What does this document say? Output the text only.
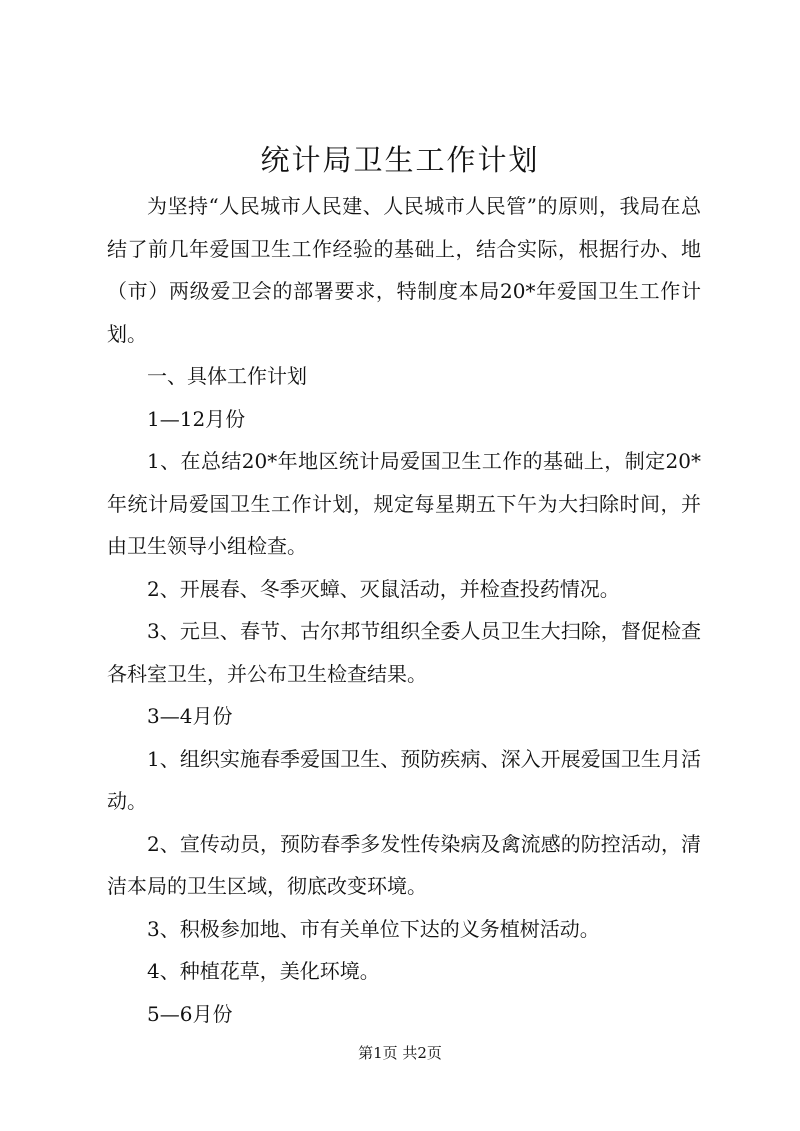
统计局卫生工作计划

为坚持“人民城市人民建、人民城市人民管”的原则，我局在总结了前几年爱国卫生工作经验的基础上，结合实际，根据行办、地（市）两级爱卫会的部署要求，特制度本局20*年爱国卫生工作计划。

一、具体工作计划

1—12月份

1、在总结20*年地区统计局爱国卫生工作的基础上，制定20*年统计局爱国卫生工作计划，规定每星期五下午为大扫除时间，并由卫生领导小组检查。

2、开展春、冬季灭蟑、灭鼠活动，并检查投药情况。

3、元旦、春节、古尔邦节组织全委人员卫生大扫除，督促检查各科室卫生，并公布卫生检查结果。

3—4月份

1、组织实施春季爱国卫生、预防疾病、深入开展爱国卫生月活动。

2、宣传动员，预防春季多发性传染病及禽流感的防控活动，清洁本局的卫生区域，彻底改变环境。

3、积极参加地、市有关单位下达的义务植树活动。

4、种植花草，美化环境。

5—6月份

第1页 共2页
